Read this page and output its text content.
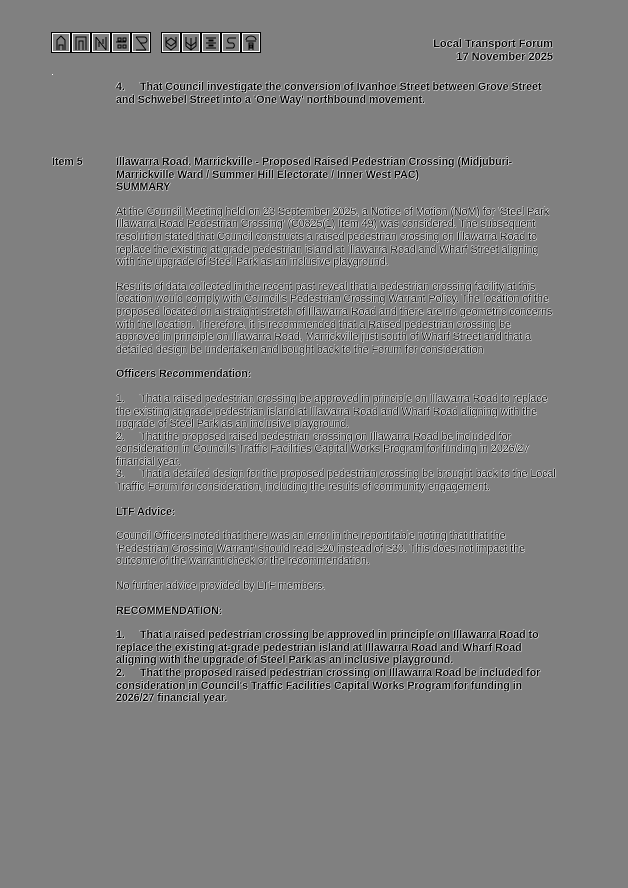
Local Transport Forum
17 November 2025

4. That Council investigate the conversion of Ivanhoe Street between Grove Street and Schwebel Street into a 'One Way' northbound movement.

Item 5	Illawarra Road, Marrickville - Proposed Raised Pedestrian Crossing (Midjuburi-Marrickville Ward / Summer Hill Electorate / Inner West PAC)

SUMMARY

At the Council Meeting held on 23 September 2025, a Notice of Motion (NoM) for 'Steel Park Illawarra Road Pedestrian Crossing' (C0825(1) Item 49) was considered. The subsequent resolution stated that Council constructs a raised pedestrian crossing on Illawarra Road to replace the existing at-grade pedestrian island at Illawarra Road and Wharf Street aligning with the upgrade of Steel Park as an inclusive playground.

Results of data collected in the recent past reveal that a pedestrian crossing facility at this location would comply with Council's Pedestrian Crossing Warrant Policy. The location of the proposed located on a straight stretch of Illawarra Road and there are no geometric concerns with the location. Therefore, it is recommended that a Raised pedestrian crossing be approved in principle on Illawarra Road, Marrickville just south of Wharf Street and that a detailed design be undertaken and bought back to the Forum for consideration

Officers Recommendation:

1. That a raised pedestrian crossing be approved in principle on Illawarra Road to replace the existing at-grade pedestrian island at Illawarra Road and Wharf Road aligning with the upgrade of Steel Park as an inclusive playground.

2. That the proposed raised pedestrian crossing on Illawarra Road be included for consideration in Council's Traffic Facilities Capital Works Program for funding in 2026/27 financial year.

3. That a detailed design for the proposed pedestrian crossing be brought back to the Local Traffic Forum for consideration, including the results of community engagement.

LTF Advice:

Council Officers noted that there was an error in the report table noting that that the 'Pedestrian Crossing Warrant' should read ≥20 instead of ≥30. This does not impact the outcome of the warrant check or the recommendation.

No further advice provided by LTF members.

RECOMMENDATION:

1. That a raised pedestrian crossing be approved in principle on Illawarra Road to replace the existing at-grade pedestrian island at Illawarra Road and Wharf Road aligning with the upgrade of Steel Park as an inclusive playground.

2. That the proposed raised pedestrian crossing on Illawarra Road be included for consideration in Council's Traffic Facilities Capital Works Program for funding in 2026/27 financial year.
